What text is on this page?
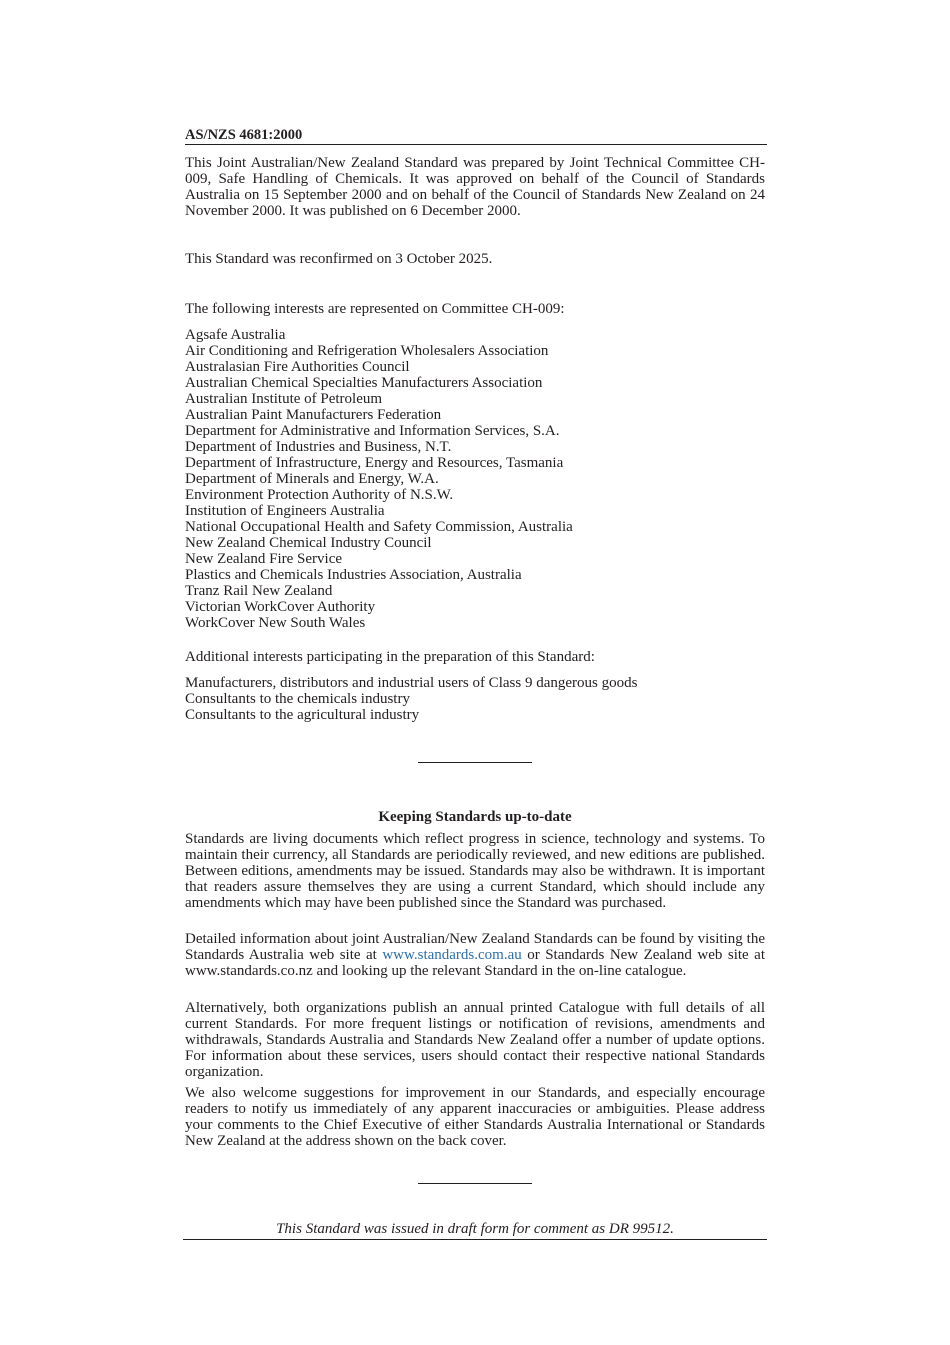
AS/NZS 4681:2000
This Joint Australian/New Zealand Standard was prepared by Joint Technical Committee CH-009, Safe Handling of Chemicals. It was approved on behalf of the Council of Standards Australia on 15 September 2000 and on behalf of the Council of Standards New Zealand on 24 November 2000. It was published on 6 December 2000.
This Standard was reconfirmed on 3 October 2025.
The following interests are represented on Committee CH-009:
Agsafe Australia
Air Conditioning and Refrigeration Wholesalers Association
Australasian Fire Authorities Council
Australian Chemical Specialties Manufacturers Association
Australian Institute of Petroleum
Australian Paint Manufacturers Federation
Department for Administrative and Information Services, S.A.
Department of Industries and Business, N.T.
Department of Infrastructure, Energy and Resources, Tasmania
Department of Minerals and Energy, W.A.
Environment Protection Authority of N.S.W.
Institution of Engineers Australia
National Occupational Health and Safety Commission, Australia
New Zealand Chemical Industry Council
New Zealand Fire Service
Plastics and Chemicals Industries Association, Australia
Tranz Rail New Zealand
Victorian WorkCover Authority
WorkCover New South Wales
Additional interests participating in the preparation of this Standard:
Manufacturers, distributors and industrial users of Class 9 dangerous goods
Consultants to the chemicals industry
Consultants to the agricultural industry
Keeping Standards up-to-date
Standards are living documents which reflect progress in science, technology and systems. To maintain their currency, all Standards are periodically reviewed, and new editions are published. Between editions, amendments may be issued. Standards may also be withdrawn. It is important that readers assure themselves they are using a current Standard, which should include any amendments which may have been published since the Standard was purchased.
Detailed information about joint Australian/New Zealand Standards can be found by visiting the Standards Australia web site at www.standards.com.au or Standards New Zealand web site at www.standards.co.nz and looking up the relevant Standard in the on-line catalogue.
Alternatively, both organizations publish an annual printed Catalogue with full details of all current Standards. For more frequent listings or notification of revisions, amendments and withdrawals, Standards Australia and Standards New Zealand offer a number of update options. For information about these services, users should contact their respective national Standards organization.
We also welcome suggestions for improvement in our Standards, and especially encourage readers to notify us immediately of any apparent inaccuracies or ambiguities. Please address your comments to the Chief Executive of either Standards Australia International or Standards New Zealand at the address shown on the back cover.
This Standard was issued in draft form for comment as DR 99512.
